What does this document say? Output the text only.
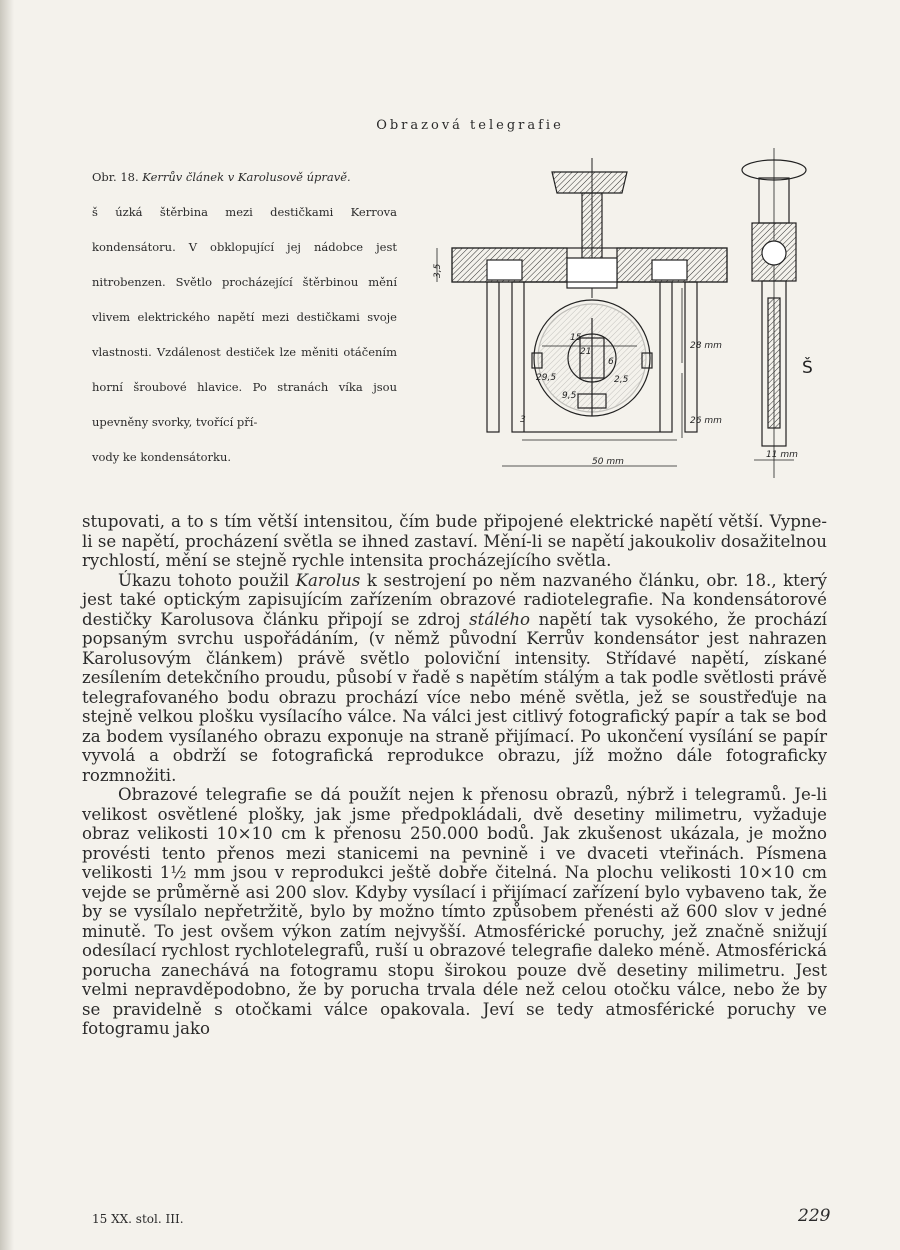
Obrazová telegrafie
Obr. 18. Kerrův článek v Karolusově úpravě.
š úzká štěrbina mezi destičkami Kerrova kondensátoru. V obklopující jej nádobce jest nitrobenzen. Světlo procházející štěrbinou mění vlivem elektrického napětí mezi destičkami svoje vlastnosti. Vzdálenost destiček lze měniti otáčením horní šroubové hlavice. Po stranách víka jsou upevněny svorky, tvořící pří-
vody ke kondensátorku.
3,5
15
21
29,5
9,5
6
2,5
28 mm
26 mm
3
50 mm
11 mm
Š

stupovati, a to s tím větší intensitou, čím bude připojené elektrické napětí větší. Vypne-li se napětí, procházení světla se ihned zastaví. Mění-li se napětí jakoukoliv dosažitelnou rychlostí, mění se stejně rychle intensita procházejícího světla.

Úkazu tohoto použil Karolus k sestrojení po něm nazvaného článku, obr. 18., který jest také optickým zapisujícím zařízením obrazové radiotelegrafie. Na kondensátorové destičky Karolusova článku připojí se zdroj stálého napětí tak vysokého, že prochází popsaným svrchu uspořádáním, (v němž původní Kerrův kondensátor jest nahrazen Karolusovým článkem) právě světlo poloviční intensity. Střídavé napětí, získané zesílením detekčního proudu, působí v řadě s napětím stálým a tak podle světlosti právě telegrafovaného bodu obrazu prochází více nebo méně světla, jež se soustřeďuje na stejně velkou plošku vysílacího válce. Na válci jest citlivý fotografický papír a tak se bod za bodem vysílaného obrazu exponuje na straně přijímací. Po ukončení vysílání se papír vyvolá a obdrží se fotografická reprodukce obrazu, jíž možno dále fotograficky rozmnožiti.

Obrazové telegrafie se dá použít nejen k přenosu obrazů, nýbrž i telegramů. Je-li velikost osvětlené plošky, jak jsme předpokládali, dvě desetiny milimetru, vyžaduje obraz velikosti 10×10 cm k přenosu 250.000 bodů. Jak zkušenost ukázala, je možno provésti tento přenos mezi stanicemi na pevnině i ve dvaceti vteřinách. Písmena velikosti 1½ mm jsou v reprodukci ještě dobře čitelná. Na plochu velikosti 10×10 cm vejde se průměrně asi 200 slov. Kdyby vysílací i přijímací zařízení bylo vybaveno tak, že by se vysílalo nepřetržitě, bylo by možno tímto způsobem přenésti až 600 slov v jedné minutě. To jest ovšem výkon zatím nejvyšší. Atmosférické poruchy, jež značně snižují odesílací rychlost rychlotelegrafů, ruší u obrazové telegrafie daleko méně. Atmosférická porucha zanechává na fotogramu stopu širokou pouze dvě desetiny milimetru. Jest velmi nepravděpodobno, že by porucha trvala déle než celou otočku válce, nebo že by se pravidelně s otočkami válce opakovala. Jeví se tedy atmosférické poruchy ve fotogramu jako

15 XX. stol. III.	229
